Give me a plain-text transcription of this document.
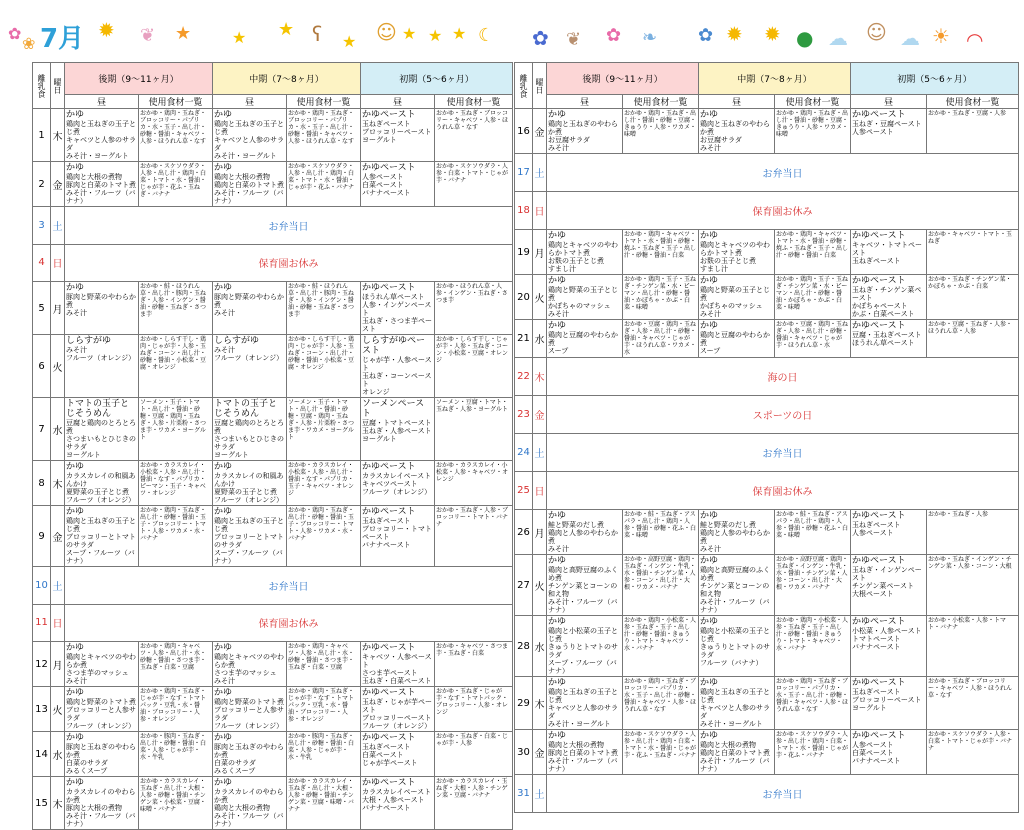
✿
❀ 7月 ✹ ❦ ★	★ ★ ʕ ★ ☺ ★ ★ ★ ☾ ✿ ❦ ✿ ❧ ✿ ✹ ✹ ● ☁ ☺ ☁ ☀ ◠
離乳食	曜日	後期（9〜11ヶ月）		中期（7〜8ヶ月）		初期（5〜6ヶ月）	
		昼	使用食材一覧	昼	使用食材一覧	昼	使用食材一覧
1	木	かゆ
鶏肉と玉ねぎの玉子とじ煮
キャベツと人参のサラダ
みそ汁・ヨーグルト	おかゆ・鶏肉・玉ねぎ・ブロッコリー・パプリカ・水・玉子・出し汁・砂糖・醤油・キャベツ・人参・ほうれん草・なす	かゆ
鶏肉と玉ねぎの玉子とじ煮
キャベツと人参のサラダ
みそ汁・ヨーグルト	おかゆ・鶏肉・玉ねぎ・ブロッコリー・パプリカ・水・玉子・出し汁・砂糖・醤油・キャベツ・人参・ほうれん草・なす	かゆペースト
玉ねぎペースト
ブロッコリーペースト
ヨーグルト	おかゆ・玉ねぎ・ブロッコリー・キャベツ・人参・ほうれん草・なす
2	金	かゆ
鶏肉と大根の煮物
豚肉と白菜のトマト煮
みそ汁・フルーツ（バナナ）	おかゆ・スケソウダラ・人参・出し汁・鶏肉・白菜・トマト・水・醤油・じゃが芋・花ふ・玉ねぎ・バナナ	かゆ
鶏肉と大根の煮物
鶏肉と白菜のトマト煮
みそ汁・フルーツ（バナナ）	おかゆ・スケソウダラ・人参・出し汁・鶏肉・白菜・トマト・水・醤油・じゃが芋・花ふ・バナナ	かゆペースト
人参ペースト
白菜ペースト
バナナペースト	おかゆ・スケソウダラ・人参・白菜・トマト・じゃが芋・バナナ
3	土	お弁当日					
4	日	保育園お休み					
5	月	かゆ
豚肉と野菜のやわらか煮
みそ汁	おかゆ・鮭・ほうれん草・出し汁・豚肉・玉ねぎ・人参・インゲン・醤油・砂糖・玉ねぎ・さつま芋	かゆ
豚肉と野菜のやわらか煮
みそ汁	おかゆ・鮭・ほうれん草・出し汁・豚肉・玉ねぎ・人参・インゲン・醤油・砂糖・玉ねぎ・さつま芋	かゆペースト
ほうれん草ペースト
人参・インゲンペースト
玉ねぎ・さつま芋ペースト	おかゆ・ほうれん草・人参・インゲン・玉ねぎ・さつま芋
6	火	しらすがゆ
みそ汁
フルーツ（オレンジ）	おかゆ・しらす干し・鶏肉・じゃが芋・人参・玉ねぎ・コーン・出し汁・砂糖・醤油・小松菜・豆腐・オレンジ	しらすがゆ
みそ汁
フルーツ（オレンジ）	おかゆ・しらす干し・鶏肉・じゃが芋・人参・玉ねぎ・コーン・出し汁・砂糖・醤油・小松菜・豆腐・オレンジ	しらすがゆペースト
じゃが芋・人参ペースト
玉ねぎ・コーンペースト
オレンジ	おかゆ・しらす干し・じゃが芋・人参・玉ねぎ・コーン・小松菜・豆腐・オレンジ
7	水	トマトの玉子とじそうめん
豆腐と鶏肉のとろとろ煮
さつまいもとひじきのサラダ
ヨーグルト	ソーメン・玉子・トマト・出し汁・醤油・砂糖・豆腐・鶏肉・玉ねぎ・人参・片栗粉・さつま芋・ワカメ・ヨーグルト	トマトの玉子とじそうめん
豆腐と鶏肉のとろとろ煮
さつまいもとひじきのサラダ
ヨーグルト	ソーメン・玉子・トマト・出し汁・醤油・砂糖・豆腐・鶏肉・玉ねぎ・人参・片栗粉・さつま芋・ワカメ・ヨーグルト	ソーメンペースト
豆腐・トマトペースト
玉ねぎ・人参ペースト
ヨーグルト	ソーメン・豆腐・トマト・玉ねぎ・人参・ヨーグルト
8	木	かゆ
カラスカレイの和風あんかけ
夏野菜の玉子とじ煮
フルーツ（オレンジ）	おかゆ・カラスカレイ・小松菜・人参・出し汁・醤油・なす・パプリカ・ピーマン・玉子・キャベツ・オレンジ	かゆ
カラスカレイの和風あんかけ
夏野菜の玉子とじ煮
フルーツ（オレンジ）	おかゆ・カラスカレイ・小松菜・人参・出し汁・醤油・なす・パプリカ・玉子・キャベツ・オレンジ	かゆペースト
カラスカレイペースト
キャベツペースト
フルーツ（オレンジ）	おかゆ・カラスカレイ・小松菜・人参・キャベツ・オレンジ
9	金	かゆ
鶏肉と玉ねぎの玉子とじ煮
ブロッコリーとトマトのサラダ
スープ・フルーツ（バナナ）	おかゆ・鶏肉・玉ねぎ・出し汁・砂糖・醤油・玉子・ブロッコリー・トマト・人参・ワカメ・水・バナナ	かゆ
鶏肉と玉ねぎの玉子とじ煮
ブロッコリーとトマトのサラダ
スープ・フルーツ（バナナ）	おかゆ・鶏肉・玉ねぎ・出し汁・砂糖・醤油・玉子・ブロッコリー・トマト・人参・ワカメ・水・バナナ	かゆペースト
玉ねぎペースト
ブロッコリー・トマトペースト
バナナペースト	おかゆ・玉ねぎ・人参・ブロッコリー・トマト・バナナ
10	土	お弁当日					
11	日	保育園お休み					
12	月	かゆ
鶏肉とキャベツのやわらか煮
さつま芋のマッシュ
みそ汁	おかゆ・鶏肉・キャベツ・人参・出し汁・水・砂糖・醤油・さつま芋・玉ねぎ・白菜・豆腐	かゆ
鶏肉とキャベツのやわらか煮
さつま芋のマッシュ
みそ汁	おかゆ・鶏肉・キャベツ・人参・出し汁・水・砂糖・醤油・さつま芋・玉ねぎ・白菜・豆腐	かゆペースト
キャベツ・人参ペースト
さつま芋ペースト
玉ねぎ・白菜ペースト	おかゆ・キャベツ・さつま芋・玉ねぎ・白菜
13	火	かゆ
鶏肉と野菜のトマト煮
ブロッコリーと人参サラダ
フルーツ（オレンジ）	おかゆ・鶏肉・玉ねぎ・じゃが芋・なす・トマトパック・豆乳・水・醤油・ブロッコリー・人参・オレンジ	かゆ
鶏肉と野菜のトマト煮
ブロッコリーと人参サラダ
フルーツ（オレンジ）	おかゆ・鶏肉・玉ねぎ・じゃが芋・なす・トマトパック・豆乳・水・醤油・ブロッコリー・人参・オレンジ	かゆペースト
玉ねぎ・じゃが芋ペースト
ブロッコリーペースト
フルーツ（オレンジ）	おかゆ・玉ねぎ・じゃが芋・なす・トマトパック・ブロッコリー・人参・オレンジ
14	水	かゆ
豚肉と玉ねぎのやわらか煮
白菜のサラダ
みるくスープ	おかゆ・豚肉・玉ねぎ・出し汁・砂糖・醤油・白菜・人参・じゃが芋・水・牛乳	かゆ
豚肉と玉ねぎのやわらか煮
白菜のサラダ
みるくスープ	おかゆ・豚肉・玉ねぎ・出し汁・砂糖・醤油・白菜・人参・じゃが芋・水・牛乳	かゆペースト
玉ねぎペースト
白菜ペースト
じゃが芋ペースト	おかゆ・玉ねぎ・白菜・じゃが芋・人参
15	木	かゆ
カラスカレイのやわらか煮
豚肉と大根の煮物
みそ汁・フルーツ（バナナ）	おかゆ・カラスカレイ・玉ねぎ・出し汁・大根・人参・砂糖・醤油・チンゲン菜・小松菜・豆腐・味噌・バナナ	かゆ
カラスカレイのやわらか煮
鶏肉と大根の煮物
みそ汁・フルーツ（バナナ）	おかゆ・カラスカレイ・玉ねぎ・出し汁・大根・人参・砂糖・醤油・チンゲン菜・豆腐・味噌・バナナ	かゆペースト
カラスカレイペースト
大根・人参ペースト
バナナペースト	おかゆ・カラスカレイ・玉ねぎ・大根・人参・チンゲン菜・豆腐・バナナ
離乳食	曜日	後期（9〜11ヶ月）		中期（7〜8ヶ月）		初期（5〜6ヶ月）	
		昼	使用食材一覧	昼	使用食材一覧	昼	使用食材一覧
16	金	かゆ
鶏肉と玉ねぎのやわらか煮
お豆腐サラダ
みそ汁	おかゆ・鶏肉・玉ねぎ・出し汁・醤油・砂糖・豆腐・きゅうり・人参・ワカメ・味噌	かゆ
鶏肉と玉ねぎのやわらか煮
お豆腐サラダ
みそ汁	おかゆ・鶏肉・玉ねぎ・出し汁・醤油・砂糖・豆腐・きゅうり・人参・ワカメ・味噌	かゆペースト
玉ねぎ・豆腐ペースト
人参ペースト	おかゆ・玉ねぎ・豆腐・人参
17	土	お弁当日					
18	日	保育園お休み					
19	月	かゆ
鶏肉とキャベツのやわらかトマト煮
お麩の玉子とじ煮
すまし汁	おかゆ・鶏肉・キャベツ・トマト・水・醤油・砂糖・焼ふ・玉ねぎ・玉子・出し汁・砂糖・醤油・白菜	かゆ
鶏肉とキャベツのやわらかトマト煮
お麩の玉子とじ煮
すまし汁	おかゆ・鶏肉・キャベツ・トマト・水・醤油・砂糖・焼ふ・玉ねぎ・玉子・出し汁・砂糖・醤油・白菜	かゆペースト
キャベツ・トマトペースト
玉ねぎペースト	おかゆ・キャベツ・トマト・玉ねぎ
20	火	かゆ
鶏肉と野菜の玉子とじ煮
かぼちゃのマッシュ
みそ汁	おかゆ・鶏肉・玉子・玉ねぎ・チンゲン菜・水・ピーマン・出し汁・砂糖・醤油・かぼちゃ・かぶ・白菜・味噌	かゆ
鶏肉と野菜の玉子とじ煮
かぼちゃのマッシュ
みそ汁	おかゆ・鶏肉・玉子・玉ねぎ・チンゲン菜・水・ピーマン・出し汁・砂糖・醤油・かぼちゃ・かぶ・白菜・味噌	かゆペースト
玉ねぎ・チンゲン菜ペースト
かぼちゃペースト
かぶ・白菜ペースト	おかゆ・玉ねぎ・チンゲン菜・かぼちゃ・かぶ・白菜
21	水	かゆ
鶏肉と豆腐のやわらか煮
スープ	おかゆ・豆腐・鶏肉・玉ねぎ・人参・出し汁・砂糖・醤油・キャベツ・じゃが芋・ほうれん草・ワカメ・水	かゆ
鶏肉と豆腐のやわらか煮
スープ	おかゆ・豆腐・鶏肉・玉ねぎ・人参・出し汁・砂糖・醤油・キャベツ・じゃが芋・ほうれん草・水	かゆペースト
豆腐・玉ねぎペースト
ほうれん草ペースト	おかゆ・豆腐・玉ねぎ・人参・ほうれん草・人参
22	木	海の日					
23	金	スポーツの日					
24	土	お弁当日					
25	日	保育園お休み					
26	月	かゆ
鮭と野菜のだし煮
鶏肉と人参のやわらか煮
みそ汁	おかゆ・鮭・玉ねぎ・アスパラ・出し汁・鶏肉・人参・醤油・砂糖・花ふ・白菜・味噌	かゆ
鮭と野菜のだし煮
鶏肉と人参のやわらか煮
みそ汁	おかゆ・鮭・玉ねぎ・アスパラ・出し汁・鶏肉・人参・醤油・砂糖・花ふ・白菜・味噌	かゆペースト
玉ねぎペースト
人参ペースト	おかゆ・玉ねぎ・人参
27	火	かゆ
鶏肉と高野豆腐のふくめ煮
チンゲン菜とコーンの和え物
みそ汁・フルーツ（バナナ）	おかゆ・高野豆腐・鶏肉・玉ねぎ・インゲン・牛乳・水・醤油・チンゲン菜・人参・コーン・出し汁・大根・ワカメ・バナナ	かゆ
鶏肉と高野豆腐のふくめ煮
チンゲン菜とコーンの和え物
みそ汁・フルーツ（バナナ）	おかゆ・高野豆腐・鶏肉・玉ねぎ・インゲン・牛乳・水・醤油・チンゲン菜・人参・コーン・出し汁・大根・ワカメ・バナナ	かゆペースト
玉ねぎ・インゲンペースト
チンゲン菜ペースト
大根ペースト	おかゆ・玉ねぎ・インゲン・チンゲン菜・人参・コーン・大根
28	水	かゆ
鶏肉と小松菜の玉子とじ煮
きゅうりとトマトのサラダ
スープ・フルーツ（バナナ）	おかゆ・鶏肉・小松菜・人参・玉ねぎ・玉子・出し汁・砂糖・醤油・きゅうり・トマト・キャベツ・水・バナナ	かゆ
鶏肉と小松菜の玉子とじ煮
きゅうりとトマトのサラダ
フルーツ（バナナ）	おかゆ・鶏肉・小松菜・人参・玉ねぎ・玉子・出し汁・砂糖・醤油・きゅうり・トマト・キャベツ・水・バナナ	かゆペースト
小松菜・人参ペースト
トマトペースト
バナナペースト	おかゆ・小松菜・人参・トマト・バナナ
29	木	かゆ
鶏肉と玉ねぎの玉子とじ煮
キャベツと人参のサラダ
みそ汁・ヨーグルト	おかゆ・鶏肉・玉ねぎ・ブロッコリー・パプリカ・水・玉子・出し汁・砂糖・醤油・キャベツ・人参・ほうれん草・なす	かゆ
鶏肉と玉ねぎの玉子とじ煮
キャベツと人参のサラダ
みそ汁・ヨーグルト	おかゆ・鶏肉・玉ねぎ・ブロッコリー・パプリカ・水・玉子・出し汁・砂糖・醤油・キャベツ・人参・ほうれん草・なす	かゆペースト
玉ねぎペースト
ブロッコリーペースト
ヨーグルト	おかゆ・玉ねぎ・ブロッコリー・キャベツ・人参・ほうれん草・なす
30	金	かゆ
鶏肉と大根の煮物
豚肉と白菜のトマト煮
みそ汁・フルーツ（バナナ）	おかゆ・スケソウダラ・人参・出し汁・鶏肉・白菜・トマト・水・醤油・じゃが芋・花ふ・玉ねぎ・バナナ	かゆ
鶏肉と大根の煮物
鶏肉と白菜のトマト煮
みそ汁・フルーツ（バナナ）	おかゆ・スケソウダラ・人参・出し汁・鶏肉・白菜・トマト・水・醤油・じゃが芋・花ふ・バナナ	かゆペースト
人参ペースト
白菜ペースト
バナナペースト	おかゆ・スケソウダラ・人参・白菜・トマト・じゃが芋・バナナ
31	土	お弁当日					
